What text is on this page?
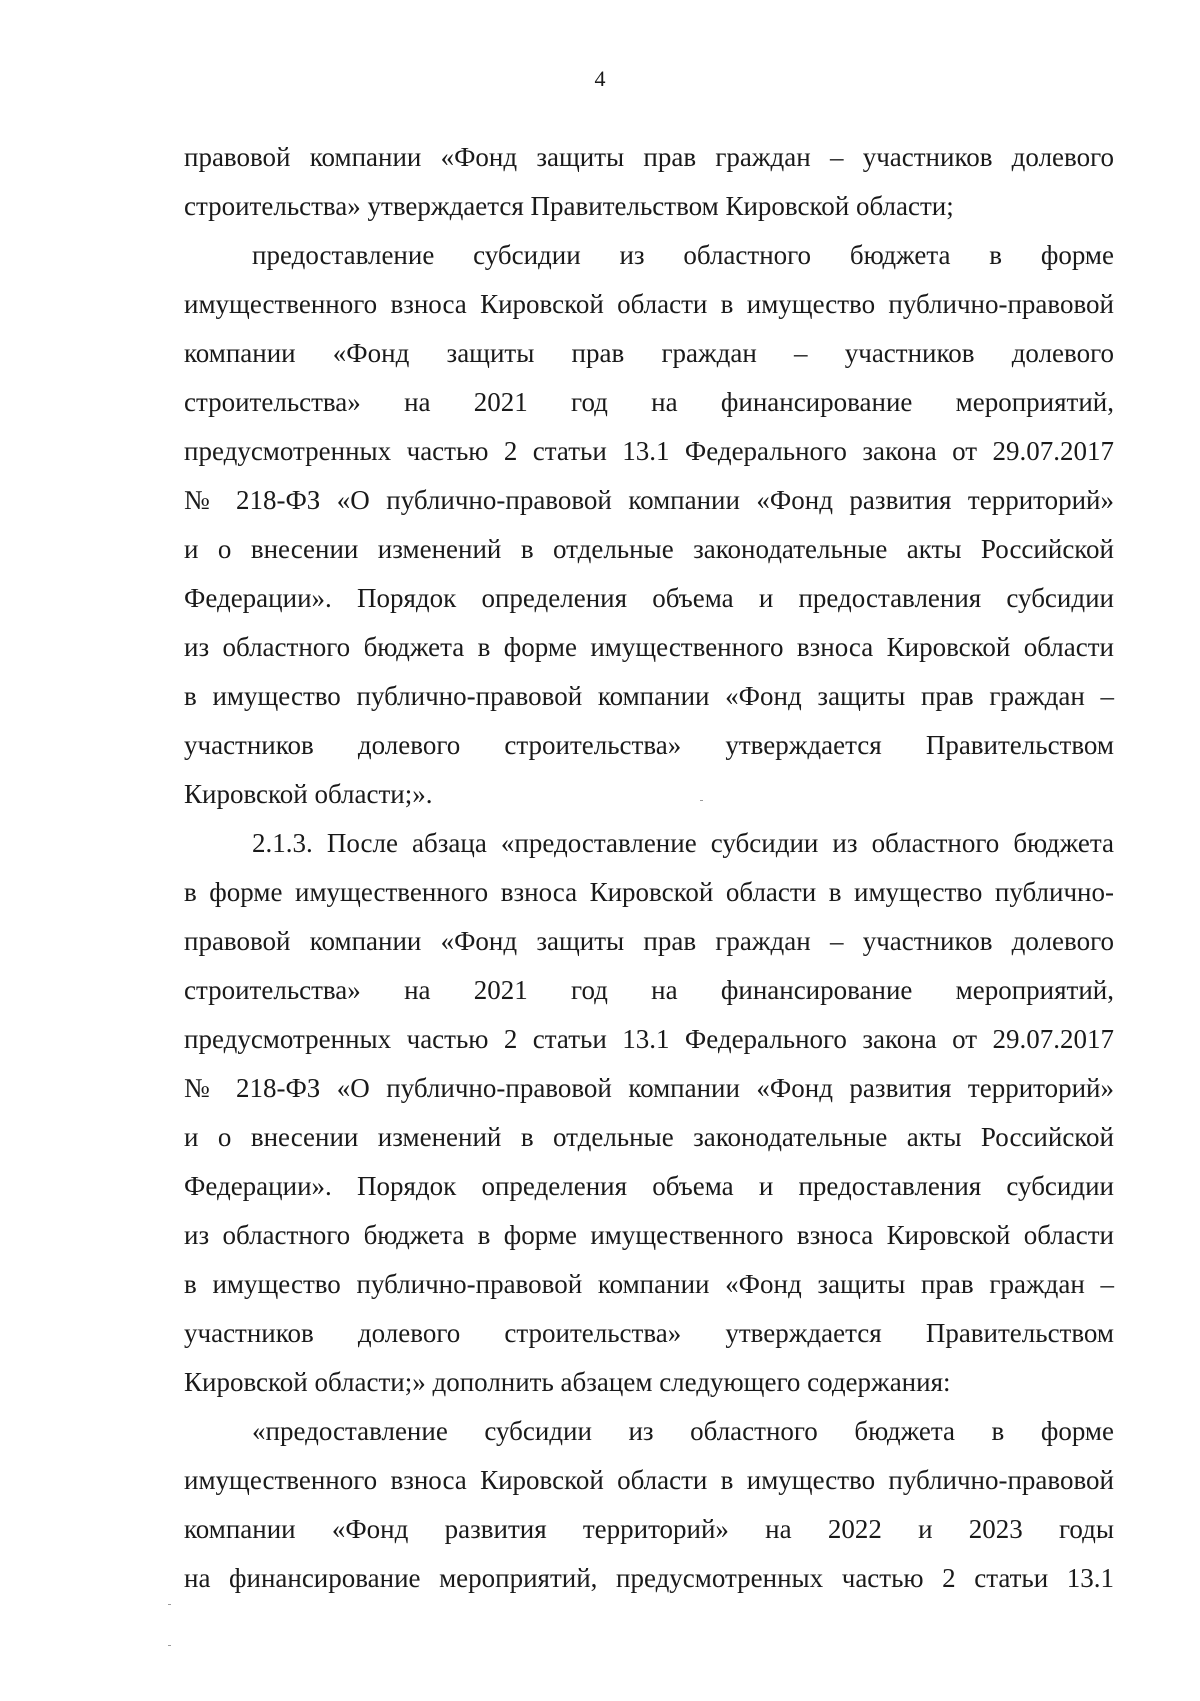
4
правовой компании «Фонд защиты прав граждан – участников долевого
строительства» утверждается Правительством Кировской области;
предоставление субсидии из областного бюджета в форме
имущественного взноса Кировской области в имущество публично-правовой
компании «Фонд защиты прав граждан – участников долевого
строительства» на 2021 год на финансирование мероприятий,
предусмотренных частью 2 статьи 13.1 Федерального закона от 29.07.2017
№ 218-ФЗ «О публично-правовой компании «Фонд развития территорий»
и о внесении изменений в отдельные законодательные акты Российской
Федерации». Порядок определения объема и предоставления субсидии
из областного бюджета в форме имущественного взноса Кировской области
в имущество публично-правовой компании «Фонд защиты прав граждан –
участников долевого строительства» утверждается Правительством
Кировской области;».
2.1.3. После абзаца «предоставление субсидии из областного бюджета
в форме имущественного взноса Кировской области в имущество публично-
правовой компании «Фонд защиты прав граждан – участников долевого
строительства» на 2021 год на финансирование мероприятий,
предусмотренных частью 2 статьи 13.1 Федерального закона от 29.07.2017
№ 218-ФЗ «О публично-правовой компании «Фонд развития территорий»
и о внесении изменений в отдельные законодательные акты Российской
Федерации». Порядок определения объема и предоставления субсидии
из областного бюджета в форме имущественного взноса Кировской области
в имущество публично-правовой компании «Фонд защиты прав граждан –
участников долевого строительства» утверждается Правительством
Кировской области;» дополнить абзацем следующего содержания:
«предоставление субсидии из областного бюджета в форме
имущественного взноса Кировской области в имущество публично-правовой
компании «Фонд развития территорий» на 2022 и 2023 годы
на финансирование мероприятий, предусмотренных частью 2 статьи 13.1
